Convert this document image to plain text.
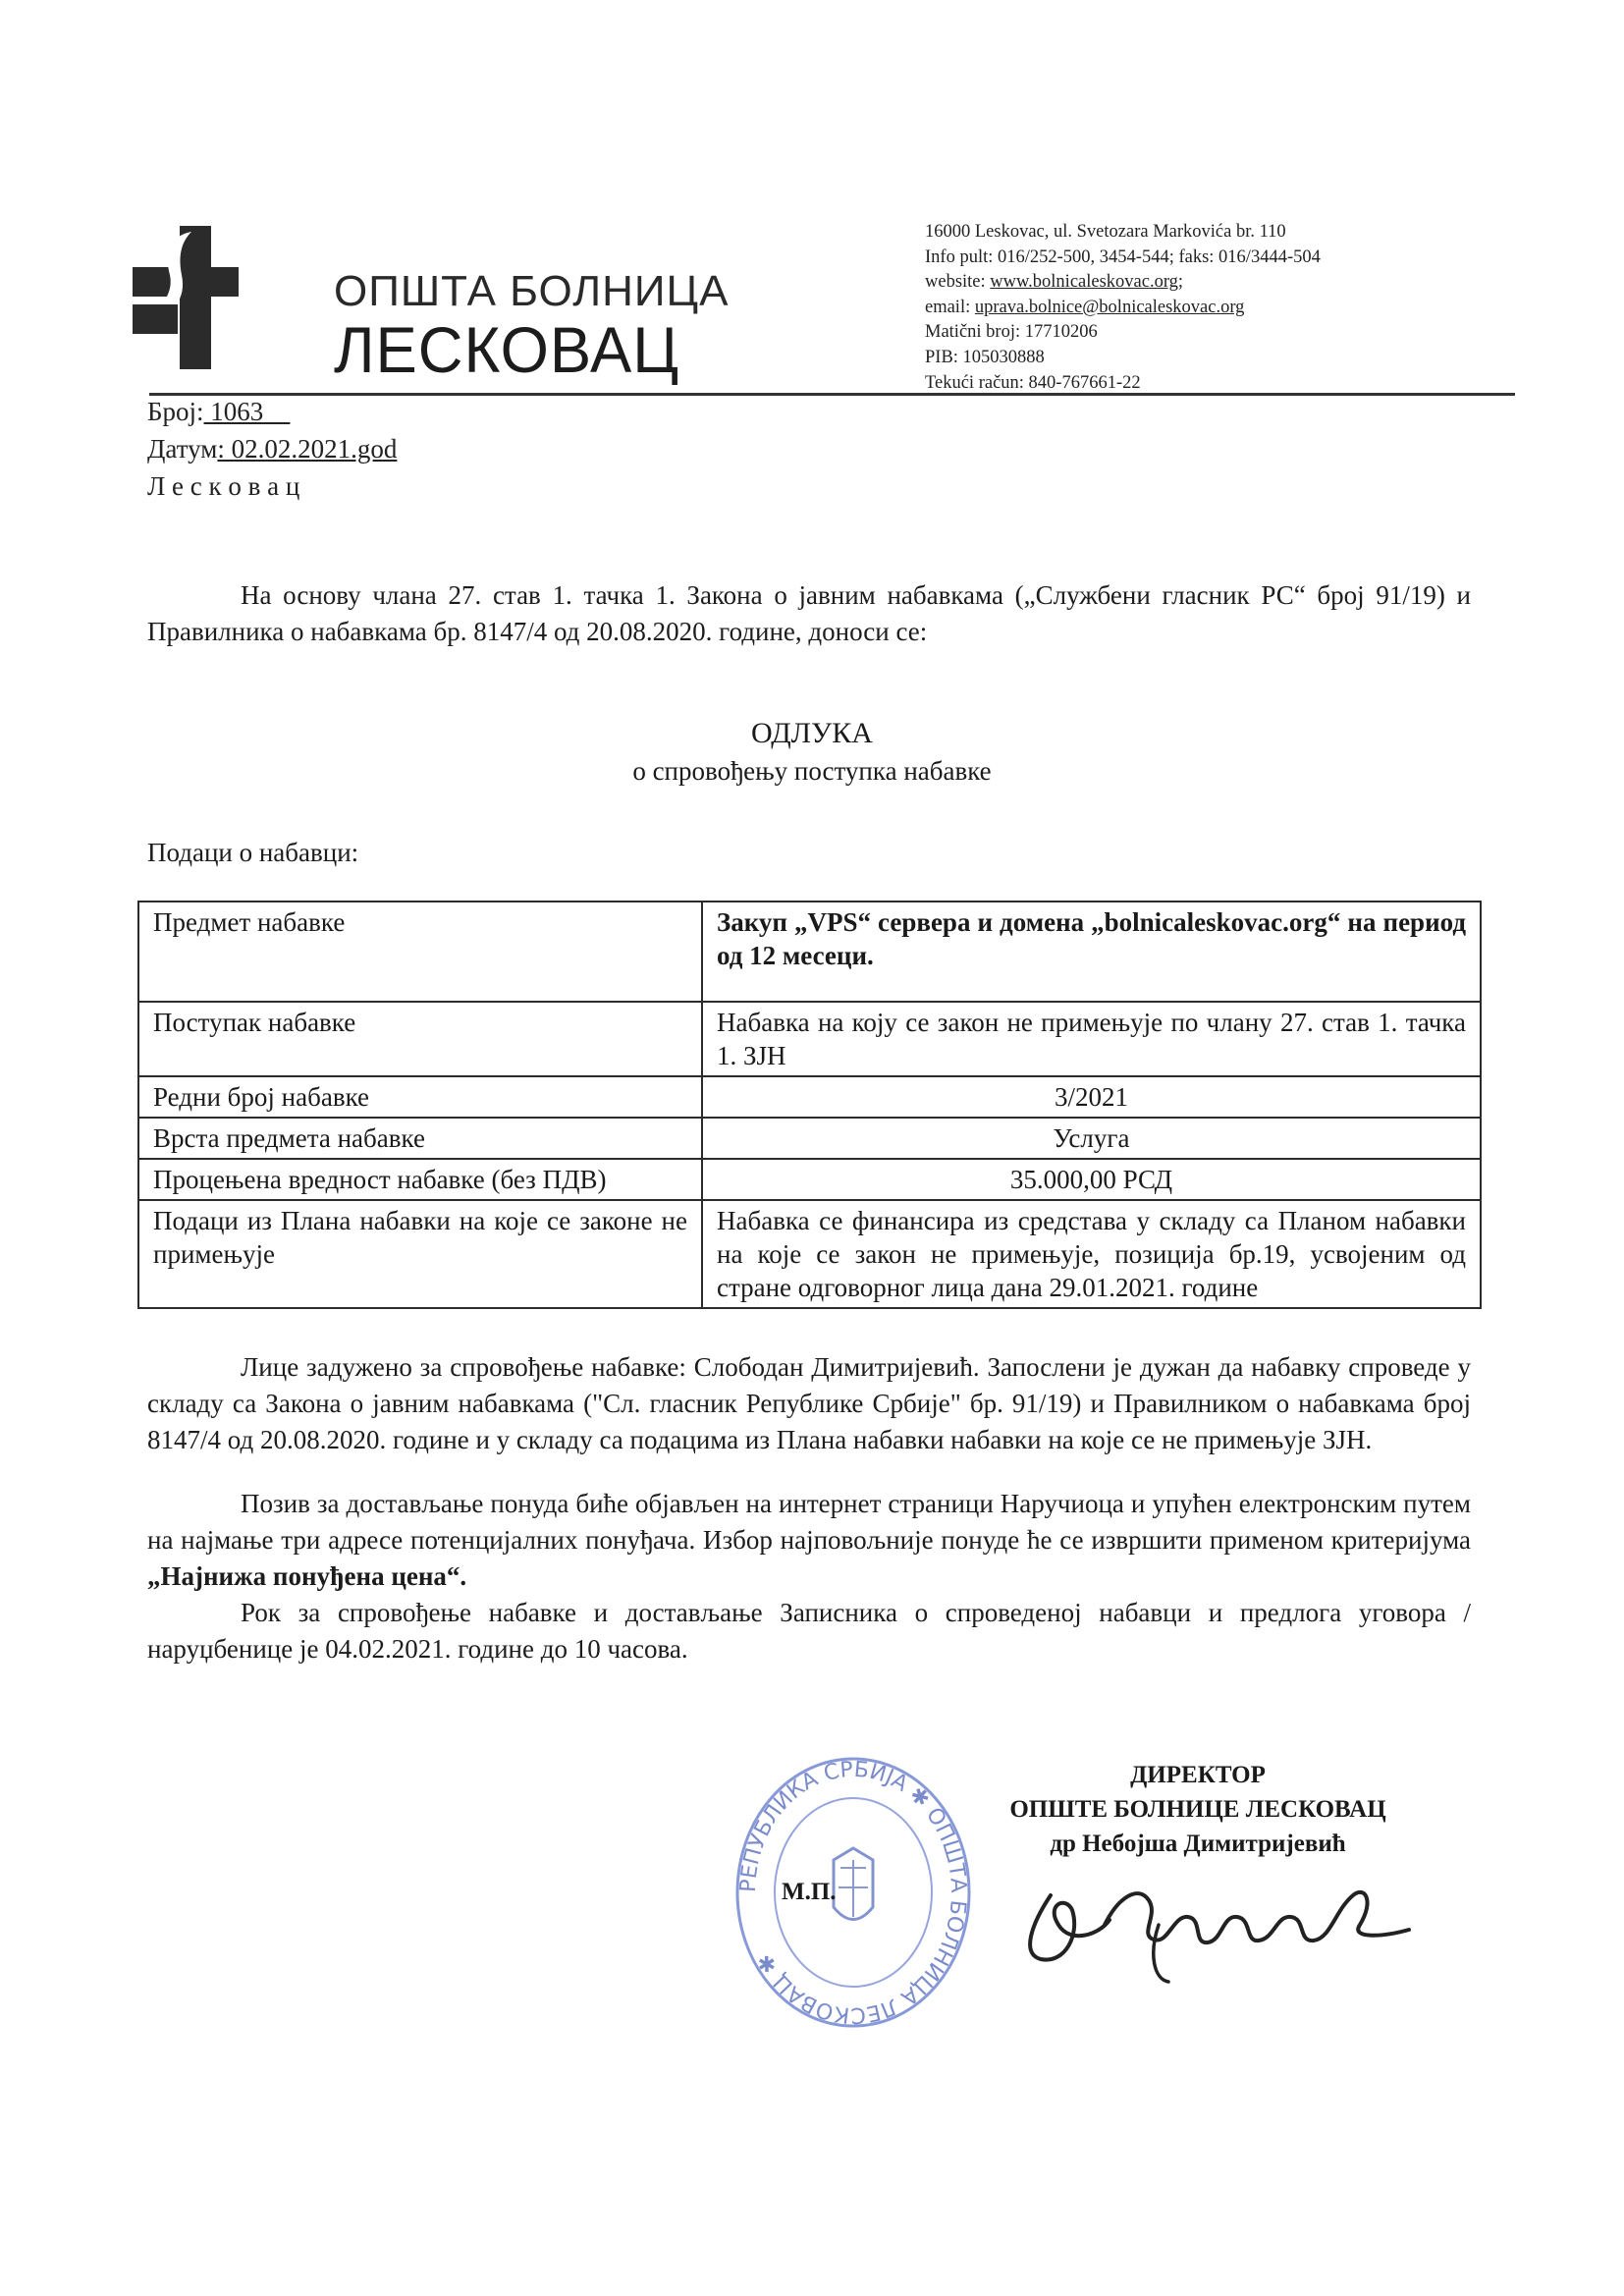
ОПШТА БОЛНИЦА
ЛЕСКОВАЦ
16000 Leskovac, ul. Svetozara Markovića br. 110
Info pult: 016/252-500, 3454-544; faks: 016/3444-504
website: www.bolnicaleskovac.org;
email: uprava.bolnice@bolnicaleskovac.org
Matični broj: 17710206
PIB: 105030888
Tekući račun: 840-767661-22
Број: 1063__
Датум: 02.02.2021.god
Л е с к о в а ц
На основу члана 27. став 1. тачка 1. Закона о јавним набавкама („Службени гласник РС“ број 91/19) и Правилника о набавкама бр. 8147/4 од 20.08.2020. године, доноси се:
ОДЛУКА
о спровођењу поступка набавке
Подаци о набавци:
Предмет набавке	Закуп „VPS“ сервера и домена „bolnicaleskovac.org“ на период од 12 месеци.
Поступак набавке	Набавка на коју се закон не примењује по члану 27. став 1. тачка 1. ЗЈН
Редни број набавке	3/2021
Врста предмета набавке	Услуга
Процењена вредност набавке (без ПДВ)	35.000,00 РСД
Подаци из Плана набавки на које се законе не примењује	Набавка се финансира из средстава у складу са Планом набавки на које се закон не примењује, позиција бр.19, усвојеним од стране одговорног лица дана 29.01.2021. године
Лице задужено за спровођење набавке: Слободан Димитријевић. Запослени је дужан да набавку спроведе у складу са Закона о јавним набавкама ("Сл. гласник Републике Србије" бр. 91/19) и Правилником о набавкама број 8147/4 од 20.08.2020. године и у складу са подацима из Плана набавки набавки на које се не примењује ЗЈН.
Позив за достављање понуда биће објављен на интернет страници Наручиоца и упућен електронским путем на најмање три адресе потенцијалних понуђача. Избор најповољније понуде ће се извршити применом критеријума „Најнижа понуђена цена“.
Рок за спровођење набавке и достављање Записника о спроведеној набавци и предлога уговора / наруџбенице је 04.02.2021. године до 10 часова.
ДИРЕКТОР
ОПШТЕ БОЛНИЦЕ ЛЕСКОВАЦ
др Небојша Димитријевић
РЕПУБЛИКА СРБИЈА ✱ ОПШТА БОЛНИЦА ЛЕСКОВАЦ ✱
М.П.
